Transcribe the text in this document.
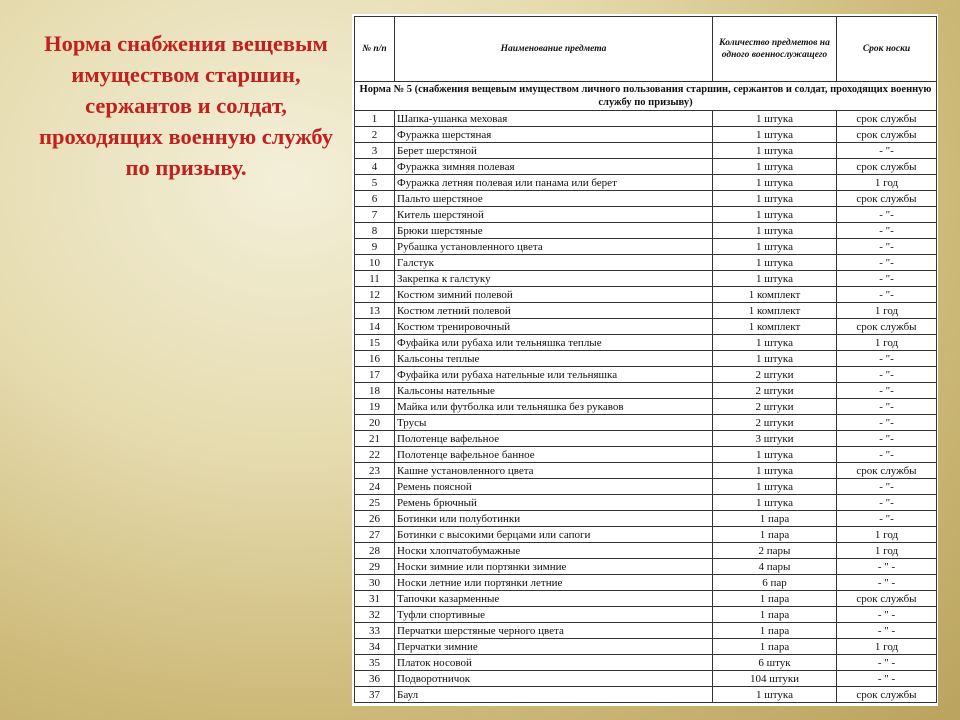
Норма снабжения вещевым имуществом старшин, сержантов и солдат, проходящих военную службу по призыву.
№ п/п	Наименование предмета	Количество предметов на одного военнослужащего	Срок носки
Норма № 5 (снабжения вещевым имуществом личного пользования старшин, сержантов и солдат, проходящих военную службу по призыву)			
1	Шапка-ушанка меховая	1 штука	срок службы
2	Фуражка шерстяная	1 штука	срок службы
3	Берет шерстяной	1 штука	- "-
4	Фуражка зимняя полевая	1 штука	срок службы
5	Фуражка летняя полевая или панама или берет	1 штука	1 год
6	Пальто шерстяное	1 штука	срок службы
7	Китель шерстяной	1 штука	- "-
8	Брюки шерстяные	1 штука	- "-
9	Рубашка установленного цвета	1 штука	- "-
10	Галстук	1 штука	- "-
11	Закрепка к галстуку	1 штука	- "-
12	Костюм зимний полевой	1 комплект	- "-
13	Костюм летний полевой	1 комплект	1 год
14	Костюм тренировочный	1 комплект	срок службы
15	Фуфайка или рубаха или тельняшка теплые	1 штука	1 год
16	Кальсоны теплые	1 штука	- "-
17	Фуфайка или рубаха нательные или тельняшка	2 штуки	- "-
18	Кальсоны нательные	2 штуки	- "-
19	Майка или футболка или тельняшка без рукавов	2 штуки	- "-
20	Трусы	2 штуки	- "-
21	Полотенце вафельное	3 штуки	- "-
22	Полотенце вафельное банное	1 штука	- "-
23	Кашне установленного цвета	1 штука	срок службы
24	Ремень поясной	1 штука	- "-
25	Ремень брючный	1 штука	- "-
26	Ботинки или полуботинки	1 пара	- "-
27	Ботинки с высокими берцами или сапоги	1 пара	1 год
28	Носки хлопчатобумажные	2 пары	1 год
29	Носки зимние или портянки зимние	4 пары	- " -
30	Носки летние или портянки летние	6 пар	- " -
31	Тапочки казарменные	1 пара	срок службы
32	Туфли спортивные	1 пара	- " -
33	Перчатки шерстяные черного цвета	1 пара	- " -
34	Перчатки зимние	1 пара	1 год
35	Платок носовой	6 штук	- " -
36	Подворотничок	104 штуки	- " -
37	Баул	1 штука	срок службы
